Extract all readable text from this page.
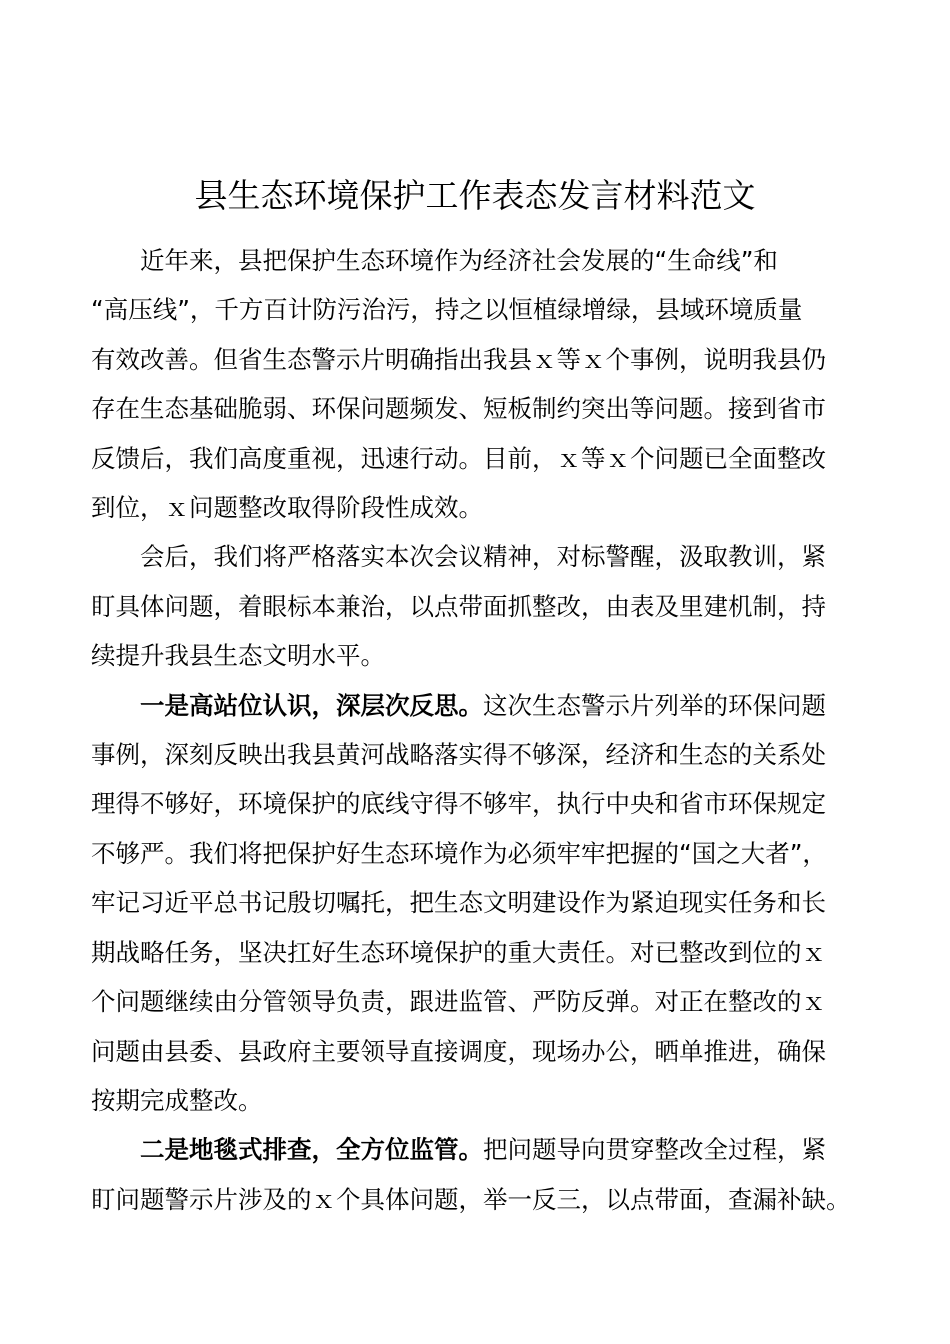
县生态环境保护工作表态发言材料范文

近年来，县把保护生态环境作为经济社会发展的“生命线”和
“高压线”，千方百计防污治污，持之以恒植绿增绿，县域环境质量
有效改善。但省生态警示片明确指出我县ｘ等ｘ个事例，说明我县仍
存在生态基础脆弱、环保问题频发、短板制约突出等问题。接到省市
反馈后，我们高度重视，迅速行动。目前，ｘ等ｘ个问题已全面整改
到位，ｘ问题整改取得阶段性成效。

会后，我们将严格落实本次会议精神，对标警醒，汲取教训，紧
盯具体问题，着眼标本兼治，以点带面抓整改，由表及里建机制，持
续提升我县生态文明水平。

一是高站位认识，深层次反思。这次生态警示片列举的环保问题
事例，深刻反映出我县黄河战略落实得不够深，经济和生态的关系处
理得不够好，环境保护的底线守得不够牢，执行中央和省市环保规定
不够严。我们将把保护好生态环境作为必须牢牢把握的“国之大者”，
牢记习近平总书记殷切嘱托，把生态文明建设作为紧迫现实任务和长
期战略任务，坚决扛好生态环境保护的重大责任。对已整改到位的ｘ
个问题继续由分管领导负责，跟进监管、严防反弹。对正在整改的ｘ
问题由县委、县政府主要领导直接调度，现场办公，晒单推进，确保
按期完成整改。

二是地毯式排查，全方位监管。把问题导向贯穿整改全过程，紧
盯问题警示片涉及的ｘ个具体问题，举一反三，以点带面，查漏补缺。
